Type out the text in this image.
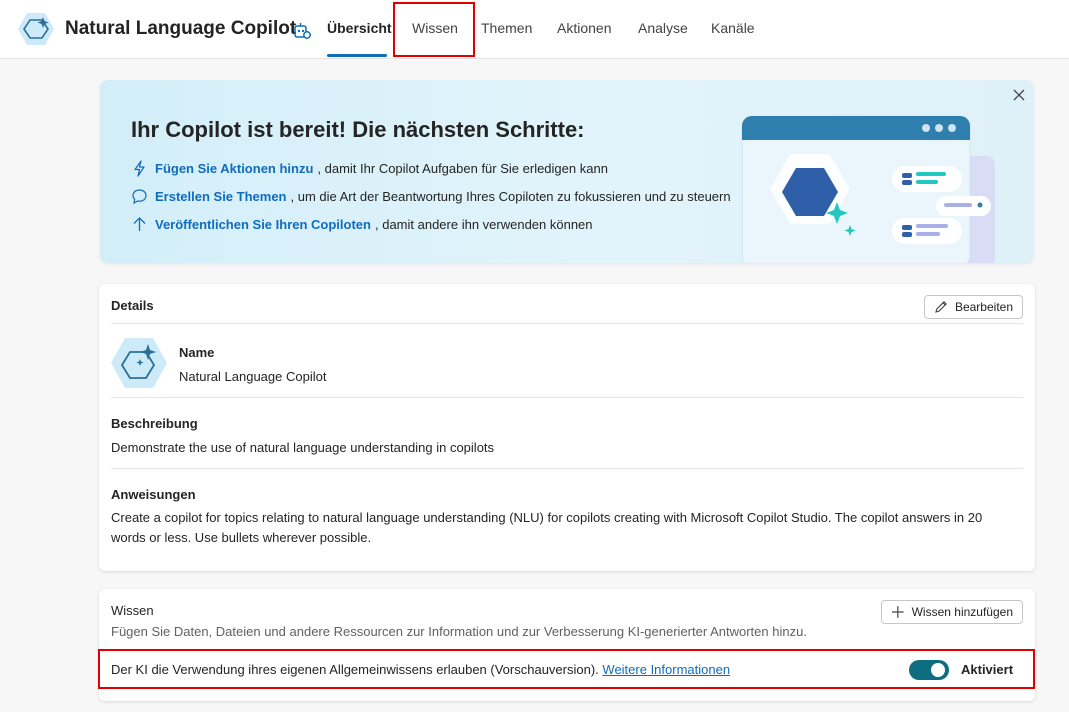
Natural Language Copilot Übersicht Wissen Themen Aktionen Analyse Kanäle
Ihr Copilot ist bereit! Die nächsten Schritte:
Fügen Sie Aktionen hinzu , damit Ihr Copilot Aufgaben für Sie erledigen kann
Erstellen Sie Themen , um die Art der Beantwortung Ihres Copiloten zu fokussieren und zu steuern
Veröffentlichen Sie Ihren Copiloten , damit andere ihn verwenden können
Details	Bearbeiten
Name
Natural Language Copilot
Beschreibung
Demonstrate the use of natural language understanding in copilots
Anweisungen
Create a copilot for topics relating to natural language understanding (NLU) for copilots creating with Microsoft Copilot Studio. The copilot answers in 20 words or less. Use bullets wherever possible.
Wissen
Fügen Sie Daten, Dateien und andere Ressourcen zur Information und zur Verbesserung KI-generierter Antworten hinzu.
Wissen hinzufügen
Der KI die Verwendung ihres eigenen Allgemeinwissens erlauben (Vorschauversion). Weitere Informationen	Aktiviert
